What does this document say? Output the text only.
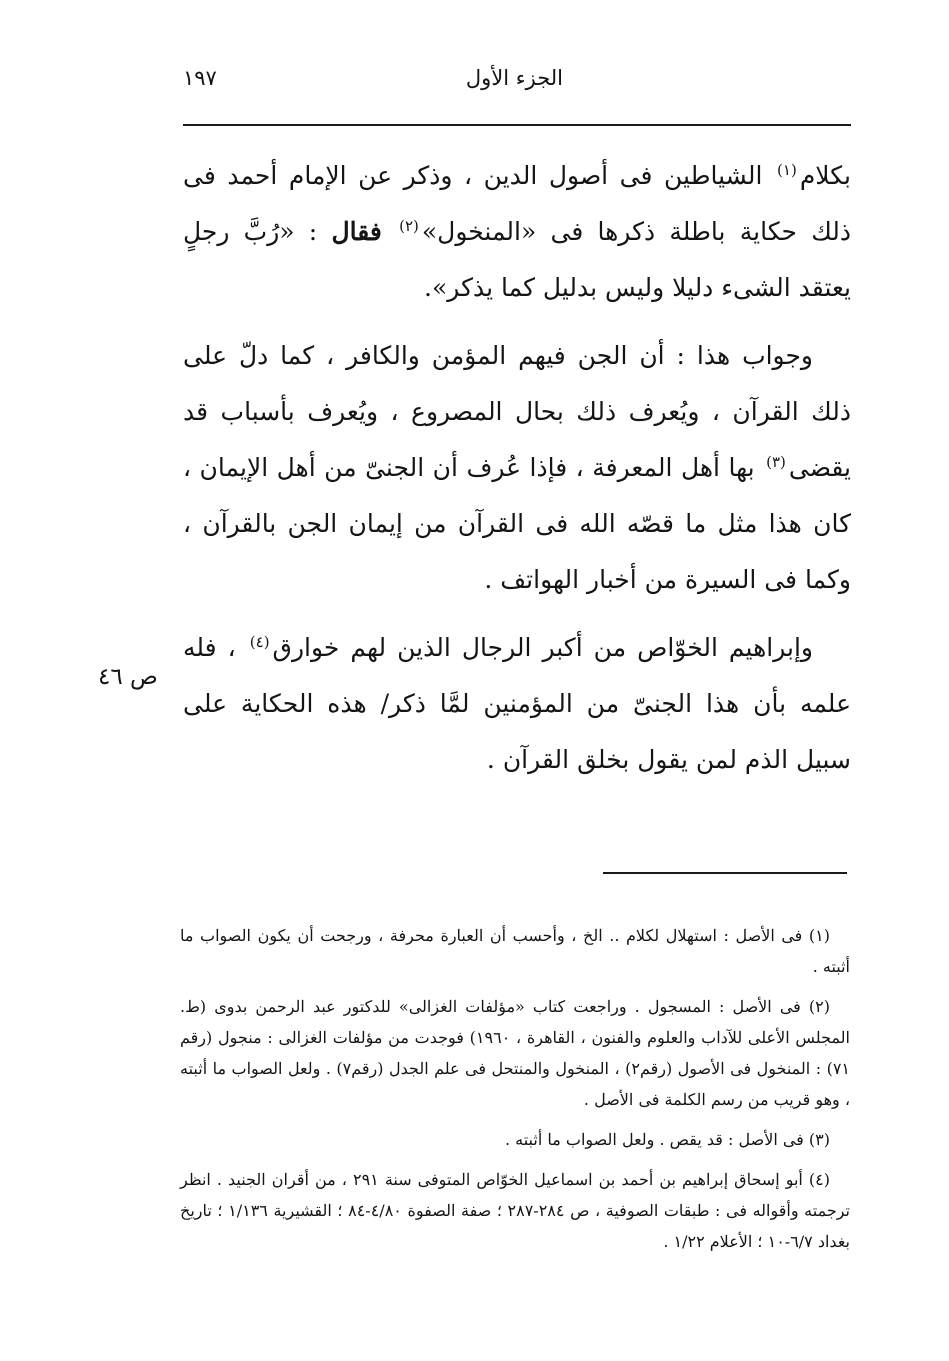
الجزء الأول
١٩٧

بكلام$^{(١)}$ الشياطين فى أصول الدين ، وذكر عن الإمام أحمد فى ذلك حكاية باطلة ذكرها فى «المنخول»$^{(٢)}$ فقال : «رُبَّ رجلٍ يعتقد الشىء دليلا وليس بدليل كما يذكر».

وجواب هذا : أن الجن فيهم المؤمن والكافر ، كما دلّ على ذلك القرآن ، ويُعرف ذلك بحال المصروع ، ويُعرف بأسباب قد يقضى$^{(٣)}$ بها أهل المعرفة ، فإذا عُرف أن الجنىّ من أهل الإيمان ، كان هذا مثل ما قصّه الله فى القرآن من إيمان الجن بالقرآن ، وكما فى السيرة من أخبار الهواتف .

وإبراهيم الخوّاص من أكبر الرجال الذين لهم خوارق$^{(٤)}$ ، فله علمه بأن هذا الجنىّ من المؤمنين لمَّا ذكر/ هذه الحكاية على سبيل الذم لمن يقول بخلق القرآن .

ص ٤٦

(١) فى الأصل : استهلال لكلام .. الخ ، وأحسب أن العبارة محرفة ، ورجحت أن يكون الصواب ما أثبته .

(٢) فى الأصل : المسجول . وراجعت كتاب «مؤلفات الغزالى» للدكتور عبد الرحمن بدوى (ط. المجلس الأعلى للآداب والعلوم والفنون ، القاهرة ، ١٩٦٠) فوجدت من مؤلفات الغزالى : منجول (رقم ٧١) : المنخول فى الأصول (رقم٢) ، المنخول والمنتحل فى علم الجدل (رقم٧) . ولعل الصواب ما أثبته ، وهو قريب من رسم الكلمة فى الأصل .

(٣) فى الأصل : قد يقص . ولعل الصواب ما أثبته .

(٤) أبو إسحاق إبراهيم بن أحمد بن اسماعيل الخوّاص المتوفى سنة ٢٩١ ، من أقران الجنيد . انظر ترجمته وأقواله فى : طبقات الصوفية ، ص ٢٨٤-٢٨٧ ؛ صفة الصفوة ٤/٨٠-٨٤ ؛ القشيرية ١/١٣٦ ؛ تاريخ بغداد ٦/٧-١٠ ؛ الأعلام ١/٢٢ .
